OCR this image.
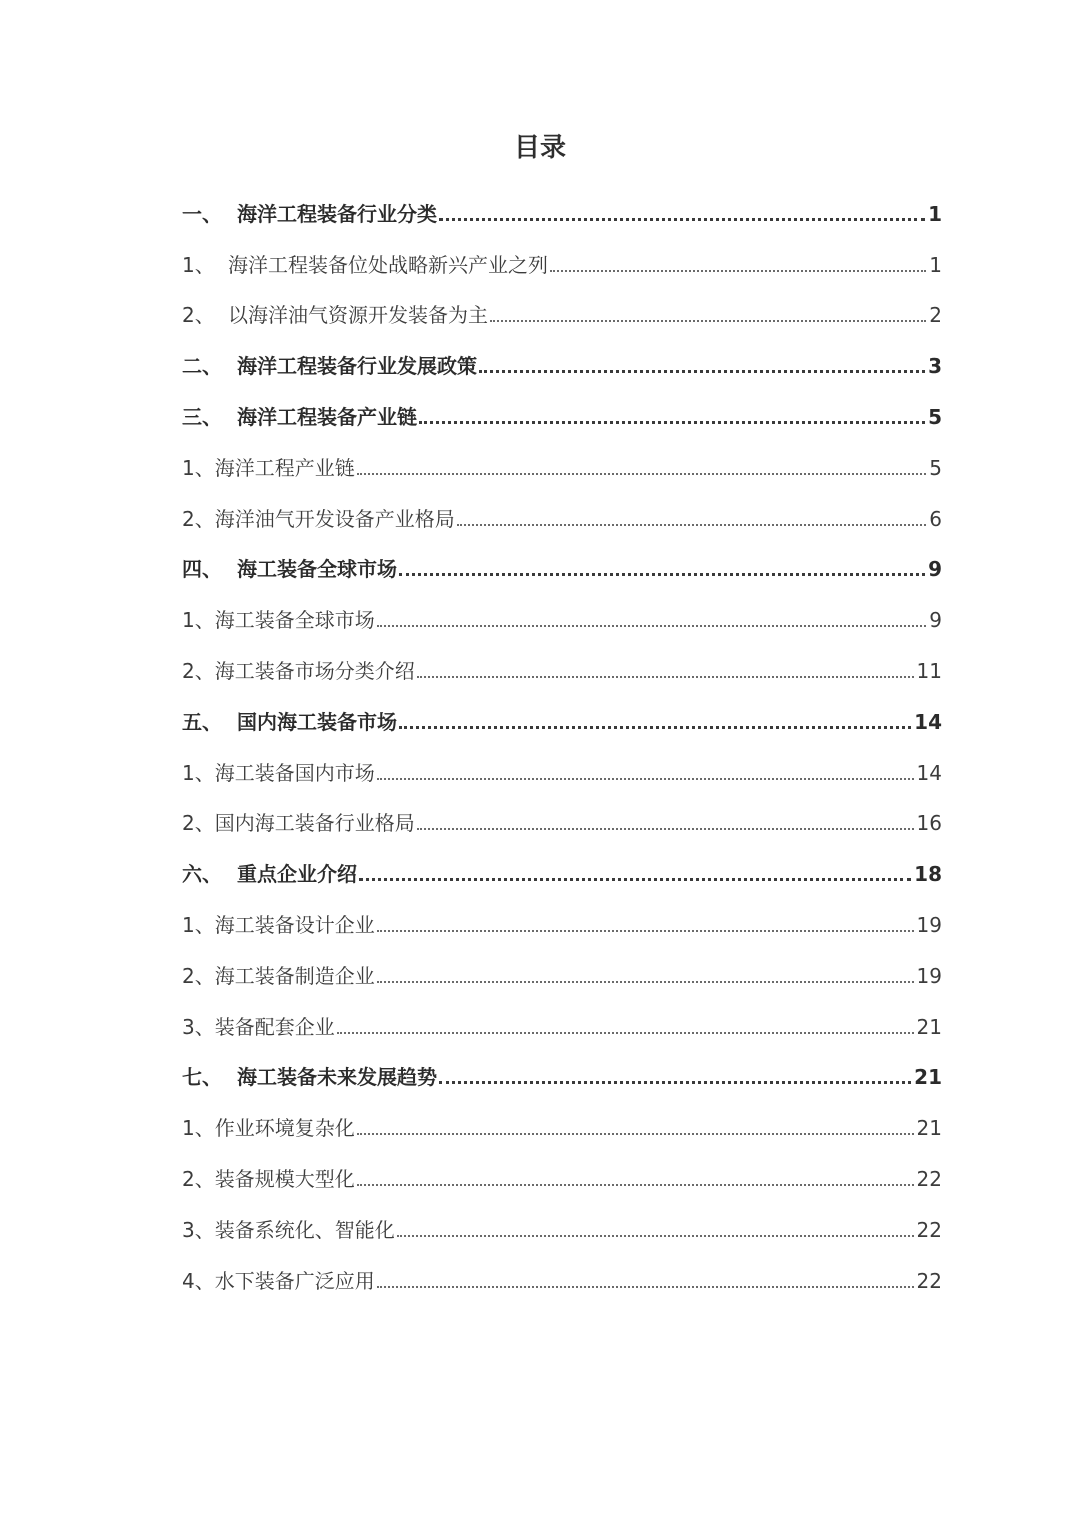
目录
一、 海洋工程装备行业分类	1
1、 海洋工程装备位处战略新兴产业之列	1
2、 以海洋油气资源开发装备为主	2
二、 海洋工程装备行业发展政策	3
三、 海洋工程装备产业链	5
1、 海洋工程产业链	5
2、 海洋油气开发设备产业格局	6
四、 海工装备全球市场	9
1、 海工装备全球市场	9
2、 海工装备市场分类介绍	11
五、 国内海工装备市场	14
1、 海工装备国内市场	14
2、 国内海工装备行业格局	16
六、 重点企业介绍	18
1、 海工装备设计企业	19
2、 海工装备制造企业	19
3、 装备配套企业	21
七、 海工装备未来发展趋势	21
1、 作业环境复杂化	21
2、 装备规模大型化	22
3、 装备系统化、智能化	22
4、 水下装备广泛应用	22
